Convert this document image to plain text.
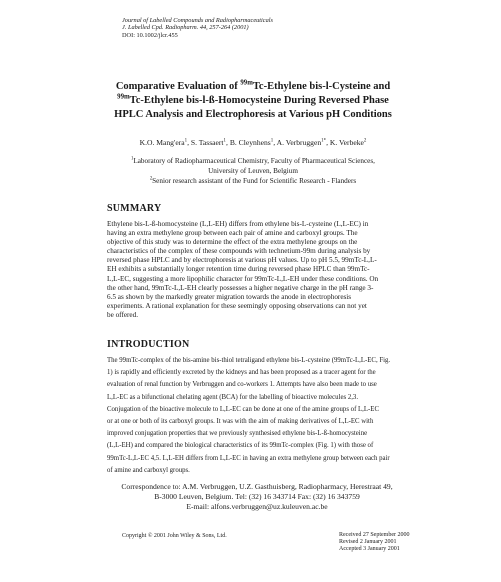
Journal of Labelled Compounds and Radiopharmaceuticals
J. Labelled Cpd. Radiopharm. 44, 257-264 (2001)
DOI: 10.1002/jlcr.455
Comparative Evaluation of $^{99m}$Tc-Ethylene bis-l-Cysteine and
$^{99m}$Tc-Ethylene bis-l-ß-Homocysteine During Reversed Phase
HPLC Analysis and Electrophoresis at Various pH Conditions
K.O. Mang'era$^1$, S. Tassaert$^1$, B. Cleynhens$^1$, A. Verbruggen$^{1*}$, K. Verbeke$^2$
$^1$Laboratory of Radiopharmaceutical Chemistry, Faculty of Pharmaceutical Sciences,
University of Leuven, Belgium
$^2$Senior research assistant of the Fund for Scientific Research - Flanders
SUMMARY
Ethylene bis-L-ß-homocysteine (L,L-EH) differs from ethylene bis-L-cysteine (L,L-EC) in
having an extra methylene group between each pair of amine and carboxyl groups. The
objective of this study was to determine the effect of the extra methylene groups on the
characteristics of the complex of these compounds with technetium-99m during analysis by
reversed phase HPLC and by electrophoresis at various pH values. Up to pH 5.5, 99mTc-L,L-
EH exhibits a substantially longer retention time during reversed phase HPLC than 99mTc-
L,L-EC, suggesting a more lipophilic character for 99mTc-L,L-EH under these conditions. On
the other hand, 99mTc-L,L-EH clearly possesses a higher negative charge in the pH range 3-
6.5 as shown by the markedly greater migration towards the anode in electrophoresis
experiments. A rational explanation for these seemingly opposing observations can not yet
be offered.
INTRODUCTION
The 99mTc-complex of the bis-amine bis-thiol tetraligand ethylene bis-L-cysteine (99mTc-L,L-EC, Fig.
1) is rapidly and efficiently excreted by the kidneys and has been proposed as a tracer agent for the
evaluation of renal function by Verbruggen and co-workers 1. Attempts have also been made to use
L,L-EC as a bifunctional chelating agent (BCA) for the labelling of bioactive molecules 2,3.
Conjugation of the bioactive molecule to L,L-EC can be done at one of the amine groups of L,L-EC
or at one or both of its carboxyl groups. It was with the aim of making derivatives of L,L-EC with
improved conjugation properties that we previously synthesised ethylene bis-L-ß-homocysteine
(L,L-EH) and compared the biological characteristics of its 99mTc-complex (Fig. 1) with those of
99mTc-L,L-EC 4,5. L,L-EH differs from L,L-EC in having an extra methylene group between each pair
of amine and carboxyl groups.
Correspondence to: A.M. Verbruggen, U.Z. Gasthuisberg, Radiopharmacy, Herestraat 49,
B-3000 Leuven, Belgium. Tel: (32) 16 343714 Fax: (32) 16 343759
E-mail: alfons.verbruggen@uz.kuleuven.ac.be
Copyright © 2001 John Wiley & Sons, Ltd.	Received 27 September 2000
Revised 2 January 2001
Accepted 3 January 2001
